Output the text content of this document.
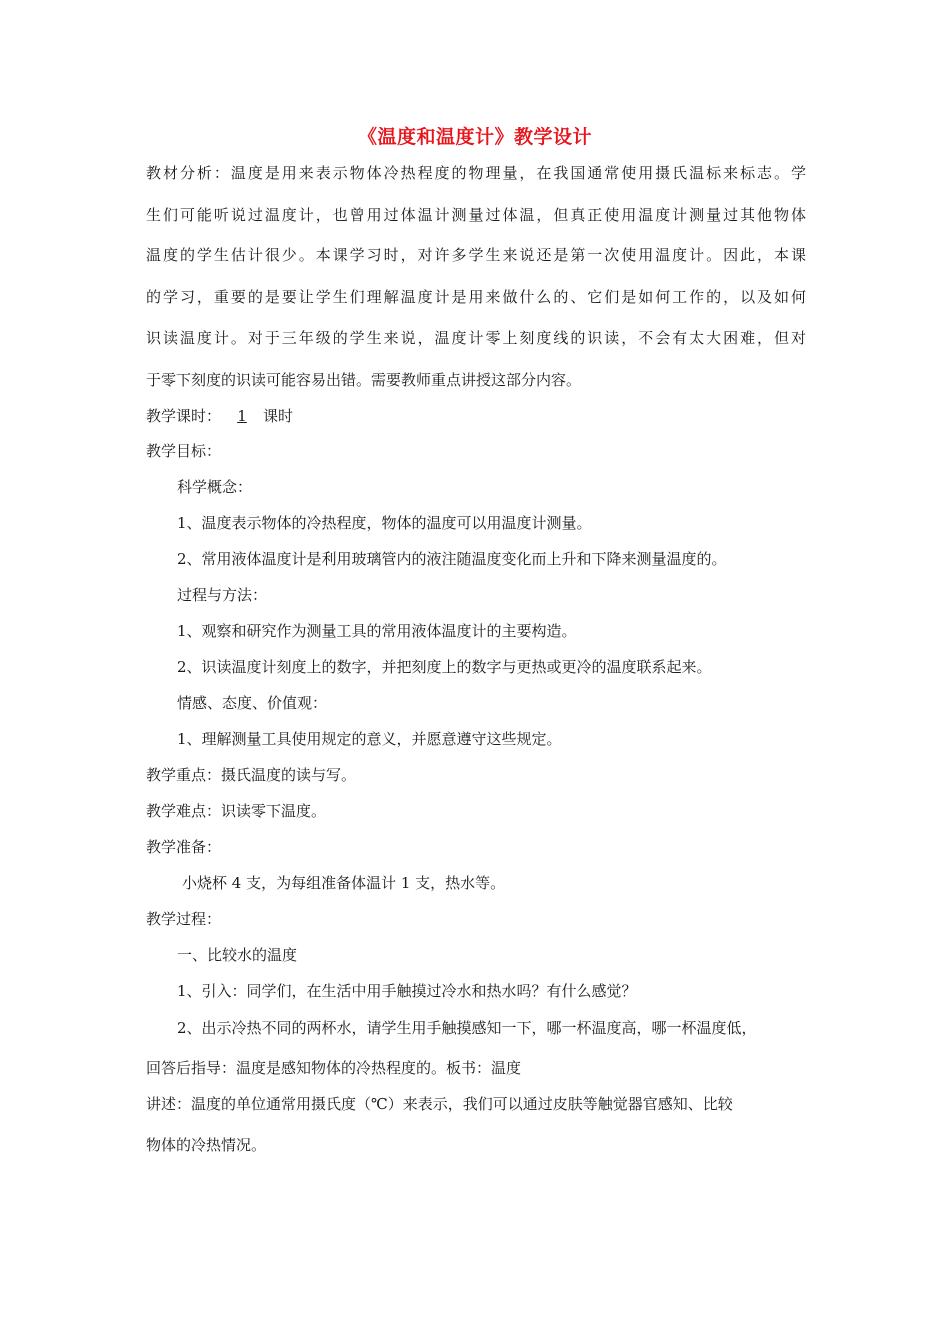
《温度和温度计》教学设计
教材分析：温度是用来表示物体冷热程度的物理量，在我国通常使用摄氏温标来标志。学
生们可能听说过温度计，也曾用过体温计测量过体温，但真正使用温度计测量过其他物体
温度的学生估计很少。本课学习时，对许多学生来说还是第一次使用温度计。因此，本课
的学习，重要的是要让学生们理解温度计是用来做什么的、它们是如何工作的，以及如何
识读温度计。对于三年级的学生来说，温度计零上刻度线的识读，不会有太大困难，但对
于零下刻度的识读可能容易出错。需要教师重点讲授这部分内容。
教学课时： 1 课时
教学目标：
科学概念：
1、温度表示物体的冷热程度，物体的温度可以用温度计测量。
2、常用液体温度计是利用玻璃管内的液注随温度变化而上升和下降来测量温度的。
过程与方法：
1、观察和研究作为测量工具的常用液体温度计的主要构造。
2、识读温度计刻度上的数字，并把刻度上的数字与更热或更冷的温度联系起来。
情感、态度、价值观：
1、理解测量工具使用规定的意义，并愿意遵守这些规定。
教学重点：摄氏温度的读与写。
教学难点：识读零下温度。
教学准备：
小烧杯 4 支，为每组准备体温计 1 支，热水等。
教学过程：
一、比较水的温度
1、引入：同学们，在生活中用手触摸过冷水和热水吗？有什么感觉？
2、出示冷热不同的两杯水，请学生用手触摸感知一下，哪一杯温度高，哪一杯温度低，
回答后指导：温度是感知物体的冷热程度的。板书：温度
讲述：温度的单位通常用摄氏度（℃）来表示，我们可以通过皮肤等触觉器官感知、比较
物体的冷热情况。
